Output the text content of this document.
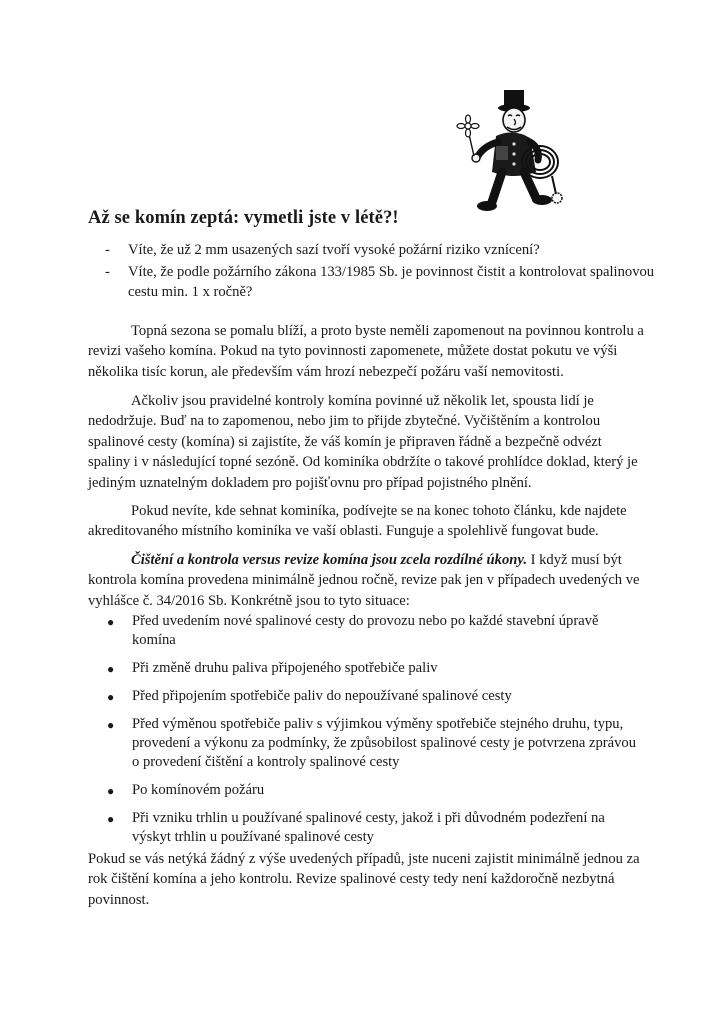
Až se komín zeptá: vymetli jste v létě?!
- Víte, že už 2 mm usazených sazí tvoří vysoké požární riziko vznícení?
- Víte, že podle požárního zákona 133/1985 Sb. je povinnost čistit a kontrolovat spalinovou      cestu min. 1 x ročně?

Topná sezona se pomalu blíží, a proto byste neměli zapomenout na povinnou kontrolu a revizi vašeho komína. Pokud na tyto povinnosti zapomenete, můžete dostat pokutu ve výši několika tisíc korun, ale především vám hrozí nebezpečí požáru vaší nemovitosti.

Ačkoliv jsou pravidelné kontroly komína povinné už několik let, spousta lidí je nedodržuje. Buď na to zapomenou, nebo jim to přijde zbytečné. Vyčištěním a kontrolou spalinové cesty (komína) si zajistíte, že váš komín je připraven řádně a bezpečně odvézt spaliny i v následující topné sezóně. Od kominíka obdržíte o takové prohlídce doklad, který je jediným uznatelným dokladem pro pojišťovnu pro případ pojistného plnění.

Pokud nevíte, kde sehnat kominíka, podívejte se na konec tohoto článku, kde najdete akreditovaného místního kominíka ve vaší oblasti. Funguje a spolehlivě fungovat bude.

Čištění a kontrola versus revize komína jsou zcela rozdílné úkony. I když musí být kontrola komína provedena minimálně jednou ročně, revize pak jen v případech uvedených ve vyhlášce č. 34/2016 Sb. Konkrétně jsou to tyto situace:

● Před uvedením nové spalinové cesty do provozu nebo po každé stavební úpravě komína
● Při změně druhu paliva připojeného spotřebiče paliv
● Před připojením spotřebiče paliv do nepoužívané spalinové cesty
● Před výměnou spotřebiče paliv s výjimkou výměny spotřebiče stejného druhu, typu, provedení a výkonu za podmínky, že způsobilost spalinové cesty je potvrzena zprávou o provedení čištění a kontroly spalinové cesty
● Po komínovém požáru
● Při vzniku trhlin u používané spalinové cesty, jakož i při důvodném podezření na výskyt trhlin u používané spalinové cesty

Pokud se vás netýká žádný z výše uvedených případů, jste nuceni zajistit minimálně jednou za rok čištění komína a jeho kontrolu. Revize spalinové cesty tedy není každoročně nezbytná povinnost.
